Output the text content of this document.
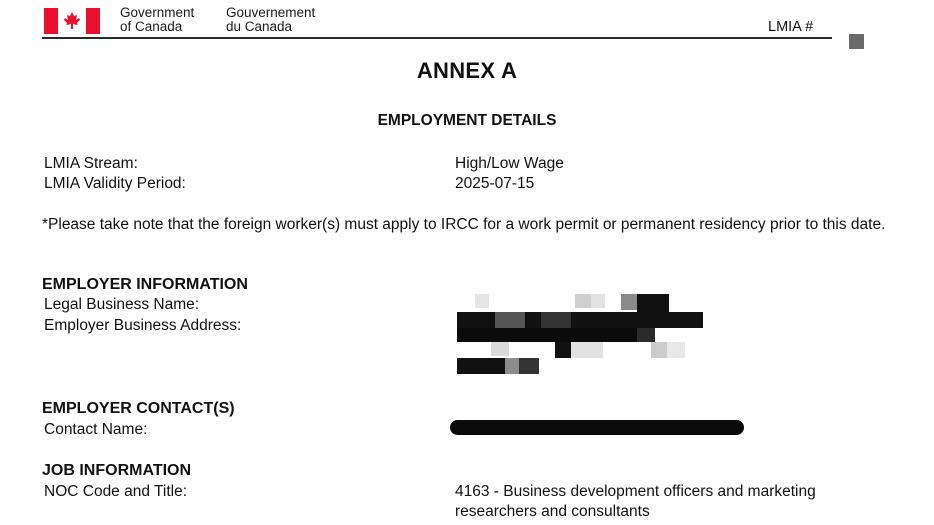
Government
of Canada
Gouvernement
du Canada	LMIA #
ANNEX A
EMPLOYMENT DETAILS
LMIA Stream:	High/Low Wage
LMIA Validity Period:	2025-07-15
*Please take note that the foreign worker(s) must apply to IRCC for a work permit or permanent residency prior to this date.
EMPLOYER INFORMATION
Legal Business Name:
Employer Business Address:
EMPLOYER CONTACT(S)
Contact Name:
JOB INFORMATION
NOC Code and Title:	4163 - Business development officers and marketing
researchers and consultants
